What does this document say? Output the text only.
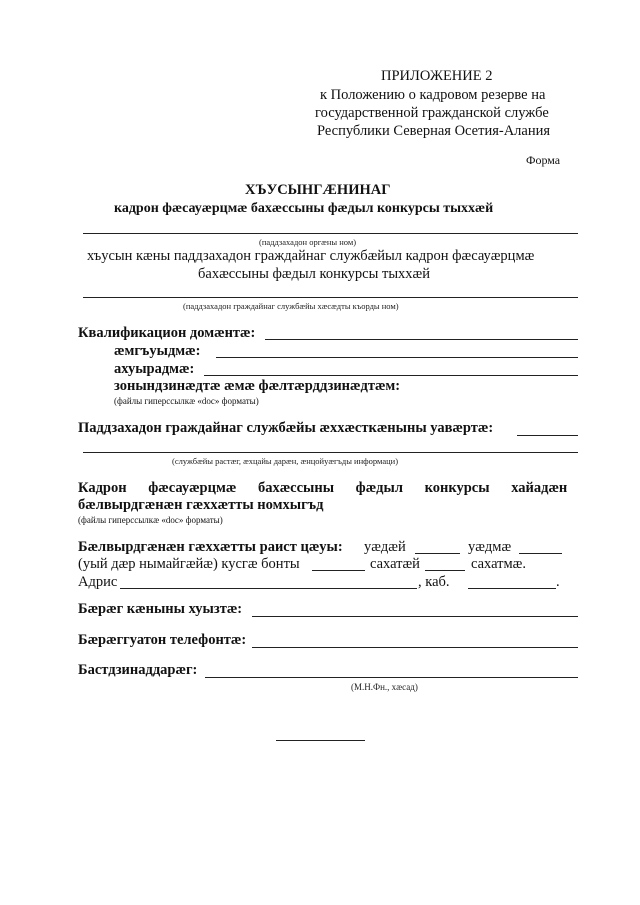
ПРИЛОЖЕНИЕ 2
к Положению о кадровом резерве на
государственной гражданской службе
Республики Северная Осетия-Алания
Форма
ХЪУСЫНГÆНИНАГ
кадрон фæсауæрцмæ бахæссыны фæдыл конкурсы тыххæй
(паддзахадон оргæны ном)
хъусын кæны паддзахадон граждайнаг службæйыл кадрон фæсауæрцмæ
бахæссыны фæдыл конкурсы тыххæй
(паддзахадон граждайнаг службæйы хæсæдты къорды ном)
Квалификацион домæнтæ:
æмгъуыдмæ:
ахуырадмæ:
зонындзинæдтæ æмæ фæлтæрддзинæдтæм:
(файлы гиперссылкæ «doc» форматы)
Паддзахадон граждайнаг службæйы æххæсткæныны уавæртæ:
(службæйы растæг, æхцайы дарæн, æнцойуæгъды информаци)
Кадрон фæсауæрцмæ бахæссыны фæдыл конкурсы хайадæн
бæлвырдгæнæн гæххæтты номхыгъд
(файлы гиперссылкæ «doc» форматы)
Бæлвырдгæнæн гæххæтты раист цæуы: уæдæй	уæдмæ
(уый дæр нымайгæйæ) кусгæ бонты	сахатæй	сахатмæ.
Адрис	, каб.	.
Бæрæг кæныны хуызтæ:
Бæрæггуатон телефонтæ:
Бастдзинаддарæг:
(М.Н.Фн., хæсад)
